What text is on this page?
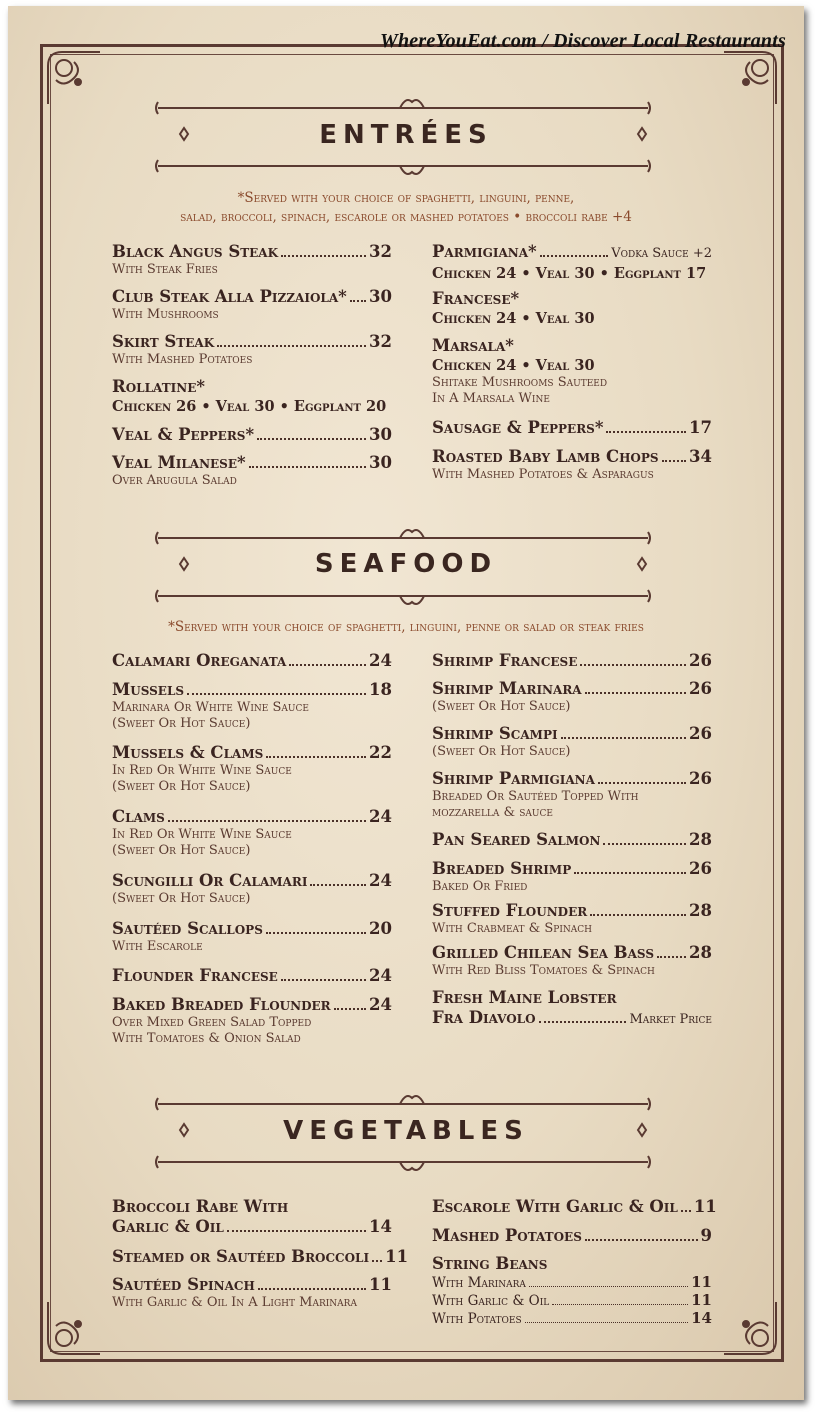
WhereYouEat.com / Discover Local Restaurants
ENTRÉES
*Served with your choice of spaghetti, linguini, penne,
salad, broccoli, spinach, escarole or mashed potatoes • broccoli rabe +4
Black Angus Steak	32
With Steak Fries
Club Steak Alla Pizzaiola* 30
With Mushrooms
Skirt Steak	32
With Mashed Potatoes
Rollatine*
Chicken 26 • Veal 30 • Eggplant 20
Veal & Peppers*	30
Veal Milanese*	30
Over Arugula Salad
Parmigiana*	Vodka Sauce +2
Chicken 24 • Veal 30 • Eggplant 17
Francese*
Chicken 24 • Veal 30
Marsala*
Chicken 24 • Veal 30
Shitake Mushrooms Sauteed
In A Marsala Wine
Sausage & Peppers*	17
Roasted Baby Lamb Chops 34
With Mashed Potatoes & Asparagus
SEAFOOD
*Served with your choice of spaghetti, linguini, penne or salad or steak fries
Calamari Oreganata	24
Mussels	18
Marinara Or White Wine Sauce
(Sweet Or Hot Sauce)
Mussels & Clams	22
In Red Or White Wine Sauce
(Sweet Or Hot Sauce)
Clams	24
In Red Or White Wine Sauce
(Sweet Or Hot Sauce)
Scungilli Or Calamari	24
(Sweet Or Hot Sauce)
Sautéed Scallops	20
With Escarole
Flounder Francese	24
Baked Breaded Flounder 24
Over Mixed Green Salad Topped
With Tomatoes & Onion Salad
Shrimp Francese	26
Shrimp Marinara	26
(Sweet Or Hot Sauce)
Shrimp Scampi	26
(Sweet Or Hot Sauce)
Shrimp Parmigiana	26
Breaded Or Sautéed Topped With
mozzarella & sauce
Pan Seared Salmon	28
Breaded Shrimp	26
Baked Or Fried
Stuffed Flounder	28
With Crabmeat & Spinach
Grilled Chilean Sea Bass 28
With Red Bliss Tomatoes & Spinach
Fresh Maine Lobster
Fra Diavolo	Market Price
VEGETABLES
Broccoli Rabe With
Garlic & Oil	14
Steamed or Sautéed Broccoli 11
Sautéed Spinach	11
With Garlic & Oil In A Light Marinara
Escarole With Garlic & Oil 11
Mashed Potatoes	9
String Beans
With Marinara	11
With Garlic & Oil	11
With Potatoes	14
